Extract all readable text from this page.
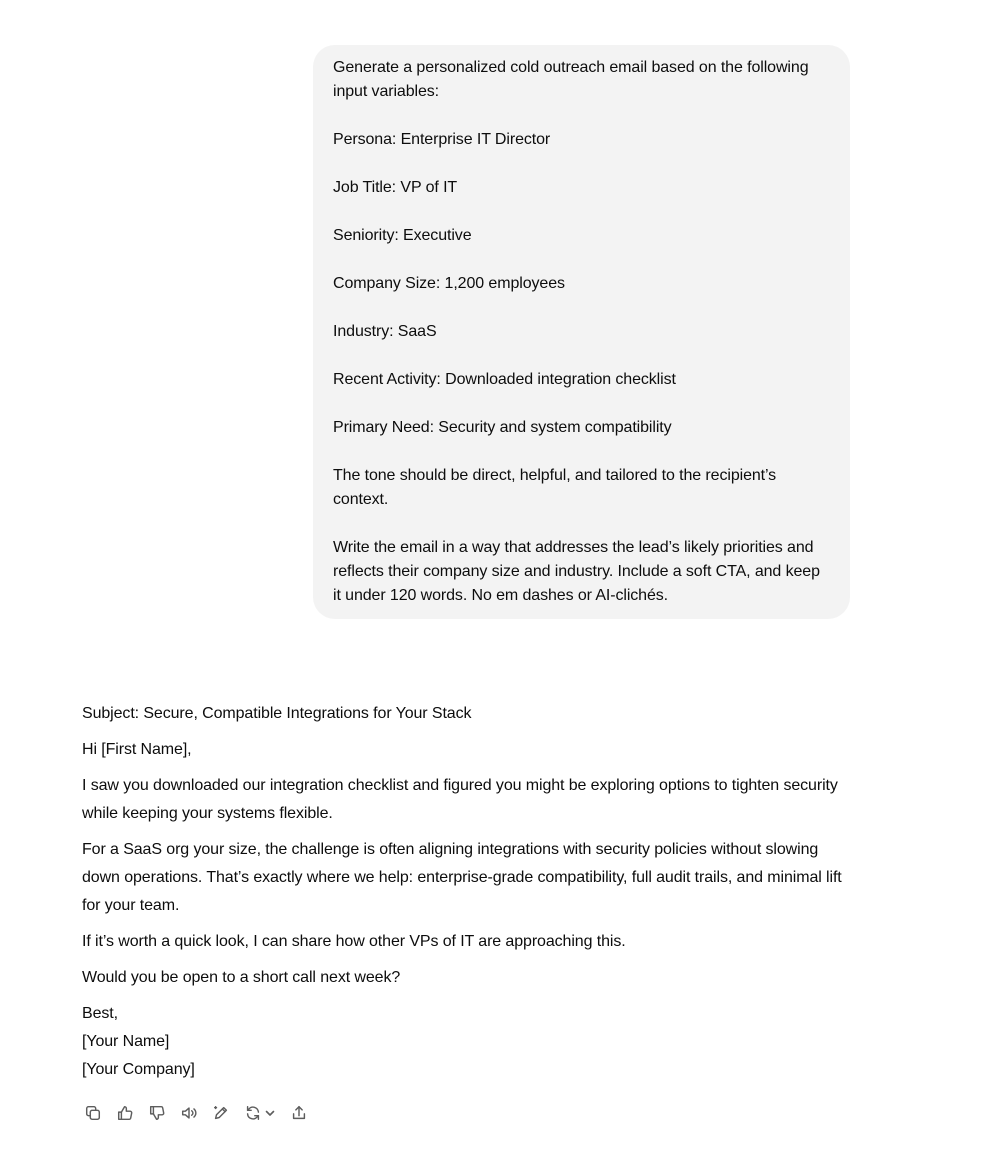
Generate a personalized cold outreach email based on the following input variables:

Persona: Enterprise IT Director

Job Title: VP of IT

Seniority: Executive

Company Size: 1,200 employees

Industry: SaaS

Recent Activity: Downloaded integration checklist

Primary Need: Security and system compatibility

The tone should be direct, helpful, and tailored to the recipient’s context.

Write the email in a way that addresses the lead’s likely priorities and reflects their company size and industry. Include a soft CTA, and keep it under 120 words. No em dashes or AI-clichés.

Subject: Secure, Compatible Integrations for Your Stack

Hi [First Name],

I saw you downloaded our integration checklist and figured you might be exploring options to tighten security while keeping your systems flexible.

For a SaaS org your size, the challenge is often aligning integrations with security policies without slowing down operations. That’s exactly where we help: enterprise-grade compatibility, full audit trails, and minimal lift for your team.

If it’s worth a quick look, I can share how other VPs of IT are approaching this.

Would you be open to a short call next week?

Best,
[Your Name]
[Your Company]
